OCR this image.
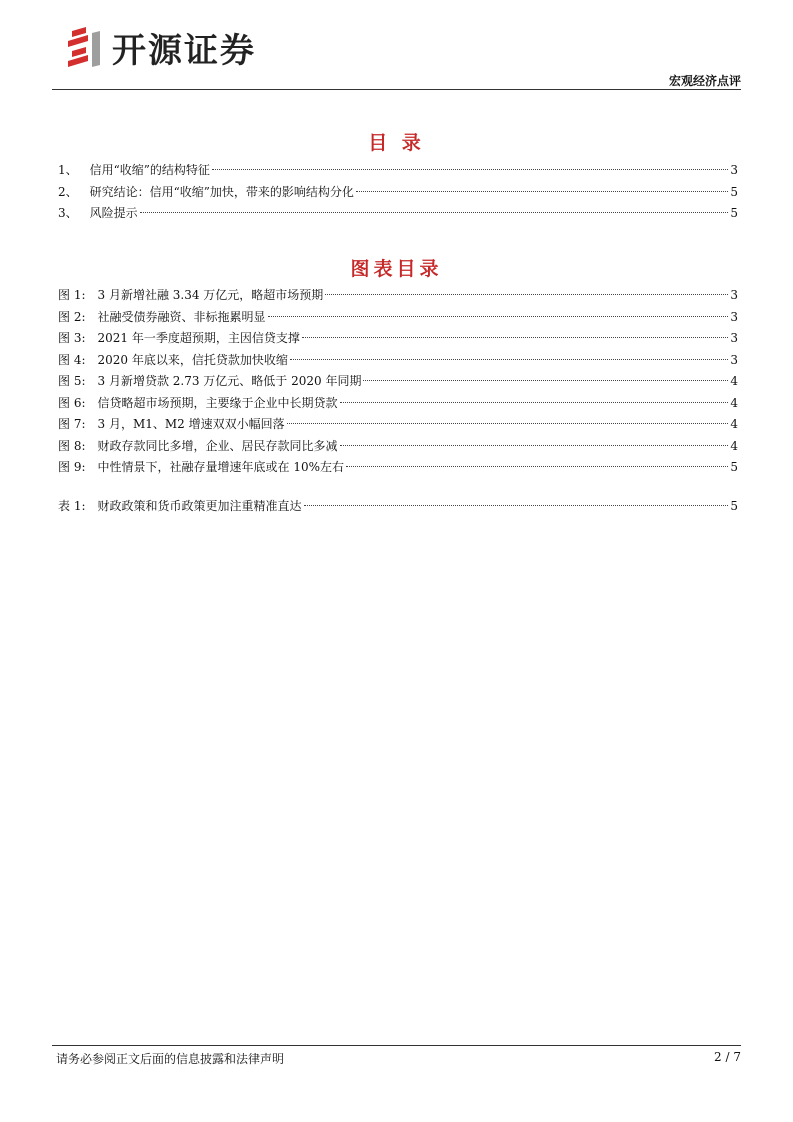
开源证券
宏观经济点评
目 录
1、 信用“收缩”的结构特征	3
2、 研究结论：信用“收缩”加快，带来的影响结构分化	5
3、 风险提示	5
图表目录
图 1: 3 月新增社融 3.34 万亿元，略超市场预期	3
图 2: 社融受债券融资、非标拖累明显	3
图 3: 2021 年一季度超预期，主因信贷支撑	3
图 4: 2020 年底以来，信托贷款加快收缩	3
图 5: 3 月新增贷款 2.73 万亿元、略低于 2020 年同期	4
图 6: 信贷略超市场预期，主要缘于企业中长期贷款	4
图 7: 3 月，M1、M2 增速双双小幅回落	4
图 8: 财政存款同比多增，企业、居民存款同比多减	4
图 9: 中性情景下，社融存量增速年底或在 10%左右	5
表 1: 财政政策和货币政策更加注重精准直达	5
请务必参阅正文后面的信息披露和法律声明	2 / 7
